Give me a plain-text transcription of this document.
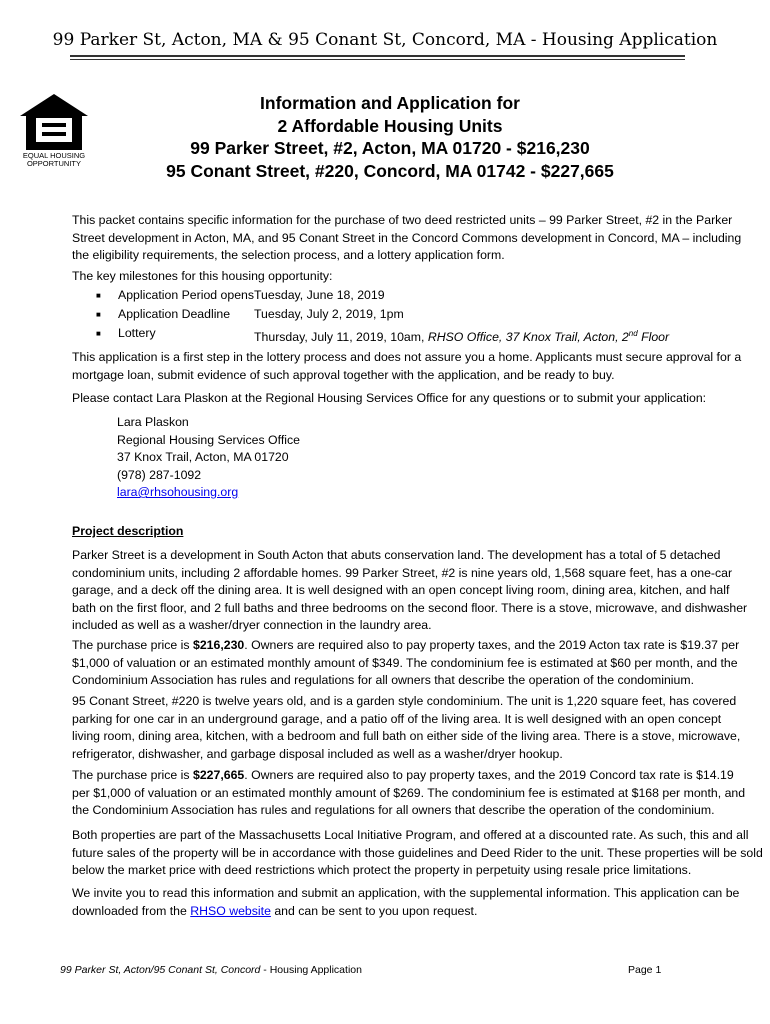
99 Parker St, Acton, MA & 95 Conant St, Concord, MA - Housing Application
EQUAL HOUSING
OPPORTUNITY
Information and Application for
2 Affordable Housing Units
99 Parker Street, #2, Acton, MA 01720 - $216,230
95 Conant Street, #220, Concord, MA 01742 - $227,665
This packet contains specific information for the purchase of two deed restricted units – 99 Parker Street, #2 in the Parker
Street development in Acton, MA, and 95 Conant Street in the Concord Commons development in Concord, MA – including
the eligibility requirements, the selection process, and a lottery application form.
The key milestones for this housing opportunity:
■ Application Period opens Tuesday, June 18, 2019
■ Application Deadline Tuesday, July 2, 2019, 1pm
■ Lottery	Thursday, July 11, 2019, 10am, RHSO Office, 37 Knox Trail, Acton, 2nd Floor
This application is a first step in the lottery process and does not assure you a home. Applicants must secure approval for a
mortgage loan, submit evidence of such approval together with the application, and be ready to buy.
Please contact Lara Plaskon at the Regional Housing Services Office for any questions or to submit your application:
Lara Plaskon
Regional Housing Services Office
37 Knox Trail, Acton, MA 01720
(978) 287-1092
lara@rhsohousing.org
Project description
Parker Street is a development in South Acton that abuts conservation land. The development has a total of 5 detached
condominium units, including 2 affordable homes. 99 Parker Street, #2 is nine years old, 1,568 square feet, has a one-car
garage, and a deck off the dining area. It is well designed with an open concept living room, dining area, kitchen, and half
bath on the first floor, and 2 full baths and three bedrooms on the second floor. There is a stove, microwave, and dishwasher
included as well as a washer/dryer connection in the laundry area.
The purchase price is $216,230. Owners are required also to pay property taxes, and the 2019 Acton tax rate is $19.37 per
$1,000 of valuation or an estimated monthly amount of $349. The condominium fee is estimated at $60 per month, and the
Condominium Association has rules and regulations for all owners that describe the operation of the condominium.
95 Conant Street, #220 is twelve years old, and is a garden style condominium. The unit is 1,220 square feet, has covered
parking for one car in an underground garage, and a patio off of the living area. It is well designed with an open concept
living room, dining area, kitchen, with a bedroom and full bath on either side of the living area. There is a stove, microwave,
refrigerator, dishwasher, and garbage disposal included as well as a washer/dryer hookup.
The purchase price is $227,665. Owners are required also to pay property taxes, and the 2019 Concord tax rate is $14.19
per $1,000 of valuation or an estimated monthly amount of $269. The condominium fee is estimated at $168 per month, and
the Condominium Association has rules and regulations for all owners that describe the operation of the condominium.
Both properties are part of the Massachusetts Local Initiative Program, and offered at a discounted rate. As such, this and all
future sales of the property will be in accordance with those guidelines and Deed Rider to the unit. These properties will be sold
below the market price with deed restrictions which protect the property in perpetuity using resale price limitations.
We invite you to read this information and submit an application, with the supplemental information. This application can be
downloaded from the RHSO website and can be sent to you upon request.
99 Parker St, Acton/95 Conant St, Concord - Housing Application	Page 1
